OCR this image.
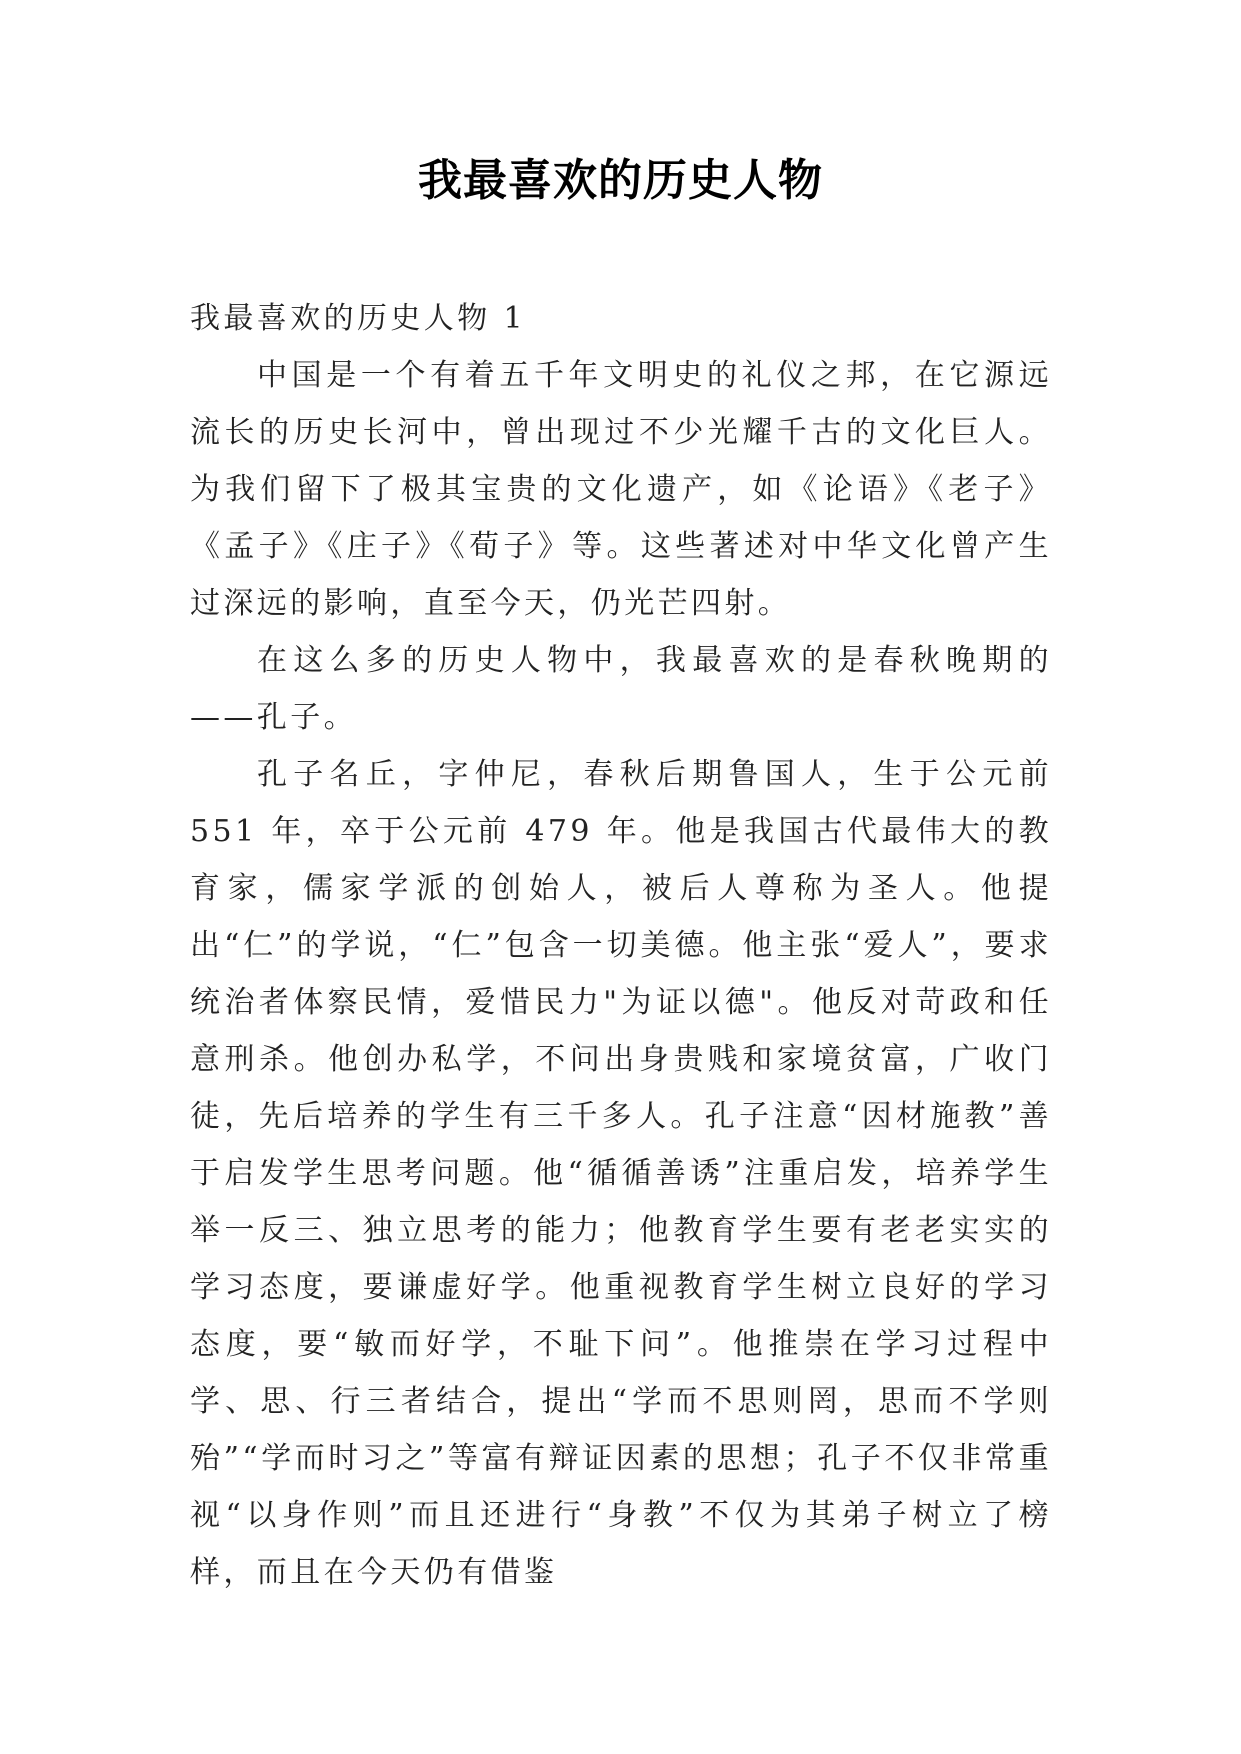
我最喜欢的历史人物

我最喜欢的历史人物 1

中国是一个有着五千年文明史的礼仪之邦，在它源远流长的历史长河中，曾出现过不少光耀千古的文化巨人。为我们留下了极其宝贵的文化遗产，如《论语》《老子》《孟子》《庄子》《荀子》等。这些著述对中华文化曾产生过深远的影响，直至今天，仍光芒四射。

在这么多的历史人物中，我最喜欢的是春秋晚期的——孔子。

孔子名丘，字仲尼，春秋后期鲁国人，生于公元前 551 年，卒于公元前 479 年。他是我国古代最伟大的教育家，儒家学派的创始人，被后人尊称为圣人。他提出“仁”的学说，“仁”包含一切美德。他主张“爱人”，要求统治者体察民情，爱惜民力"为证以德"。他反对苛政和任意刑杀。他创办私学，不问出身贵贱和家境贫富，广收门徒，先后培养的学生有三千多人。孔子注意“因材施教”善于启发学生思考问题。他“循循善诱”注重启发，培养学生举一反三、独立思考的能力；他教育学生要有老老实实的学习态度，要谦虚好学。他重视教育学生树立良好的学习态度，要“敏而好学，不耻下问”。他推崇在学习过程中学、思、行三者结合，提出“学而不思则罔，思而不学则殆”“学而时习之”等富有辩证因素的思想；孔子不仅非常重视“以身作则”而且还进行“身教”不仅为其弟子树立了榜样，而且在今天仍有借鉴
